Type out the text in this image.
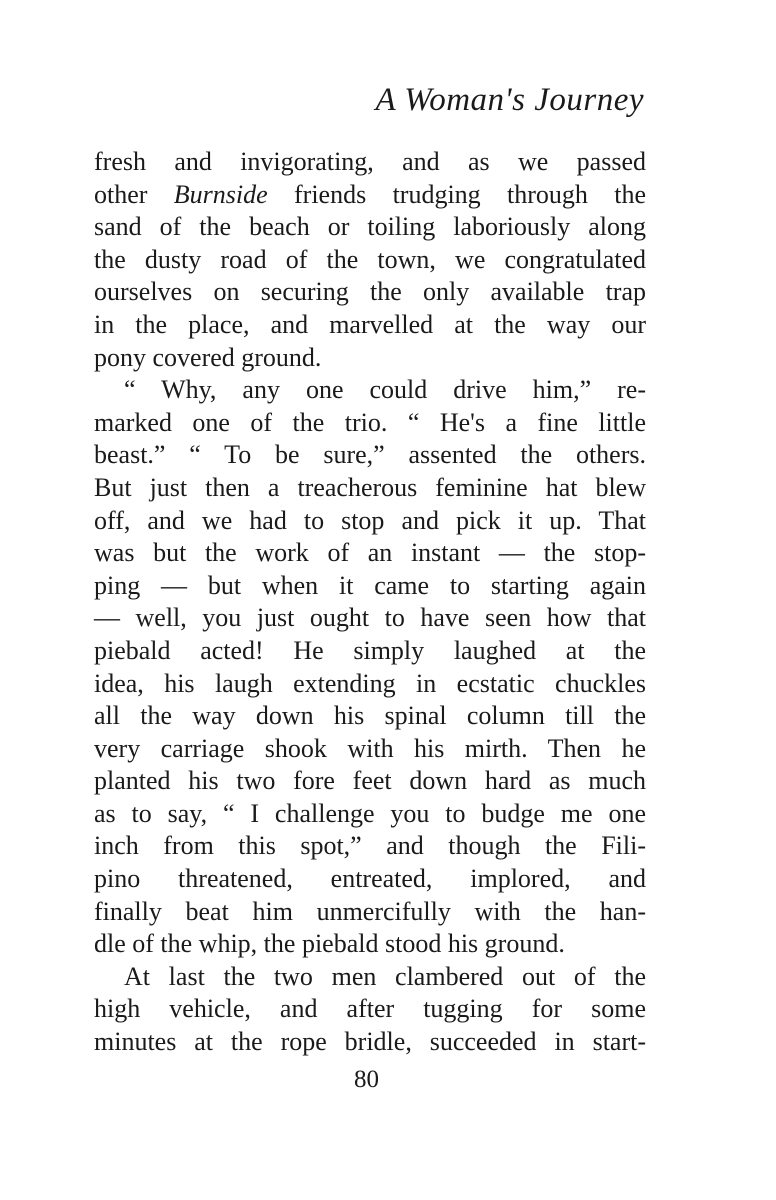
A Woman's Journey
fresh and invigorating, and as we passed
other Burnside friends trudging through the
sand of the beach or toiling laboriously along
the dusty road of the town, we congratulated
ourselves on securing the only available trap
in the place, and marvelled at the way our
pony covered ground.
“ Why, any one could drive him,” re-
marked one of the trio. “ He's a fine little
beast.” “ To be sure,” assented the others.
But just then a treacherous feminine hat blew
off, and we had to stop and pick it up. That
was but the work of an instant — the stop-
ping — but when it came to starting again
— well, you just ought to have seen how that
piebald acted! He simply laughed at the
idea, his laugh extending in ecstatic chuckles
all the way down his spinal column till the
very carriage shook with his mirth. Then he
planted his two fore feet down hard as much
as to say, “ I challenge you to budge me one
inch from this spot,” and though the Fili-
pino threatened, entreated, implored, and
finally beat him unmercifully with the han-
dle of the whip, the piebald stood his ground.
At last the two men clambered out of the
high vehicle, and after tugging for some
minutes at the rope bridle, succeeded in start-
80
